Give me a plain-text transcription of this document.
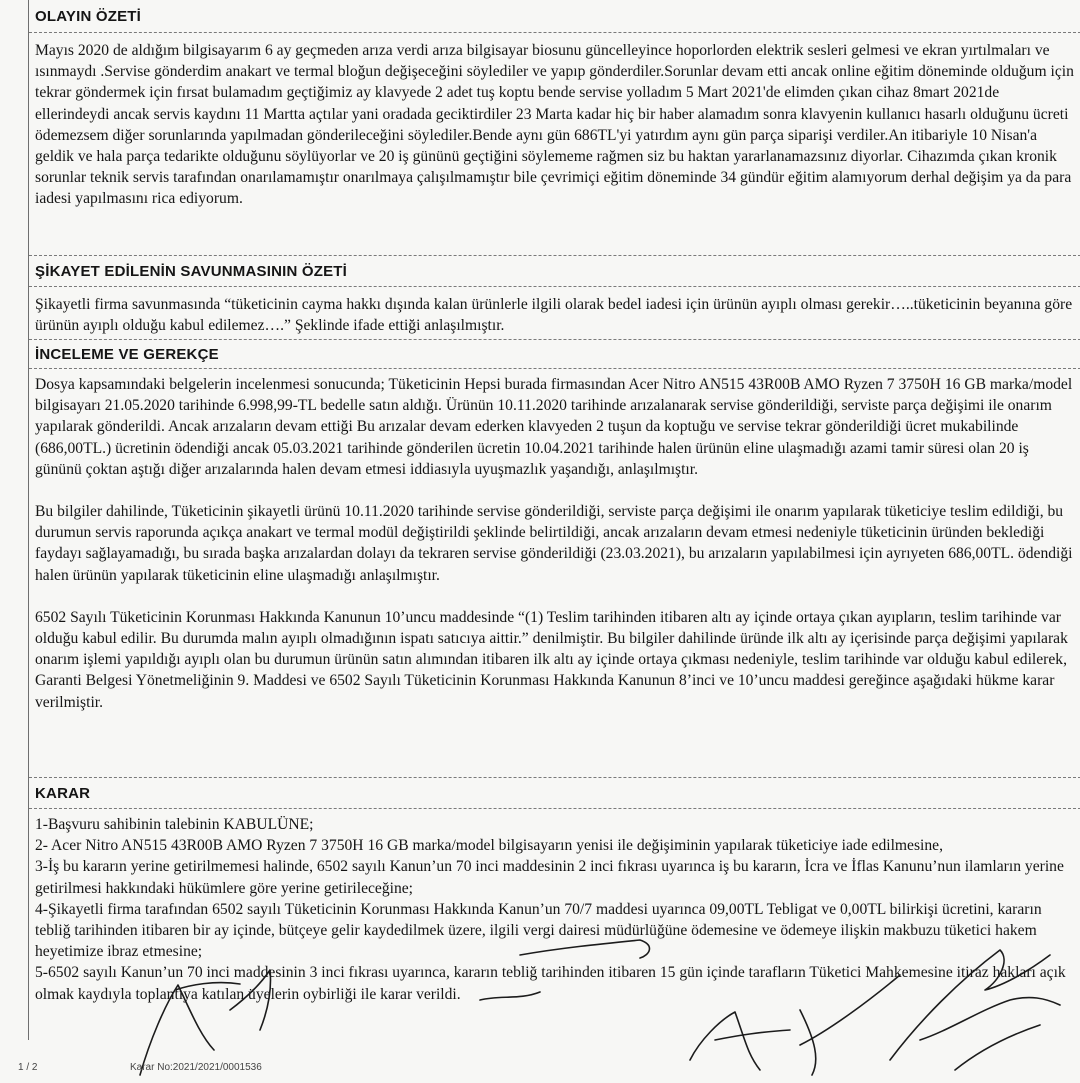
OLAYIN ÖZETİ

Mayıs 2020 de aldığım bilgisayarım 6 ay geçmeden arıza verdi arıza bilgisayar biosunu güncelleyince hoporlorden elektrik sesleri gelmesi ve ekran yırtılmaları ve ısınmaydı .Servise gönderdim anakart ve termal bloğun değişeceğini söylediler ve yapıp gönderdiler.Sorunlar devam etti ancak online eğitim döneminde olduğum için tekrar göndermek için fırsat bulamadım geçtiğimiz ay klavyede 2 adet tuş koptu bende servise yolladım 5 Mart 2021'de elimden çıkan cihaz 8mart 2021de ellerindeydi ancak servis kaydını 11 Martta açtılar yani oradada geciktirdiler 23 Marta kadar hiç bir haber alamadım sonra klavyenin kullanıcı hasarlı olduğunu ücreti ödemezsem diğer sorunlarında yapılmadan gönderileceğini söylediler.Bende aynı gün 686TL'yi yatırdım aynı gün parça siparişi verdiler.An itibariyle 10 Nisan'a geldik ve hala parça tedarikte olduğunu söylüyorlar ve 20 iş gününü geçtiğini söylememe rağmen siz bu haktan yararlanamazsınız diyorlar. Cihazımda çıkan kronik sorunlar teknik servis tarafından onarılamamıştır onarılmaya çalışılmamıştır bile çevrimiçi eğitim döneminde 34 gündür eğitim alamıyorum derhal değişim ya da para iadesi yapılmasını rica ediyorum.

ŞİKAYET EDİLENİN SAVUNMASININ ÖZETİ

Şikayetli firma savunmasında “tüketicinin cayma hakkı dışında kalan ürünlerle ilgili olarak bedel iadesi için ürünün ayıplı olması gerekir…..tüketicinin beyanına göre ürünün ayıplı olduğu kabul edilemez….” Şeklinde ifade ettiği anlaşılmıştır.

İNCELEME VE GEREKÇE

Dosya kapsamındaki belgelerin incelenmesi sonucunda; Tüketicinin Hepsi burada firmasından Acer Nitro AN515 43R00B AMO Ryzen 7 3750H 16 GB marka/model bilgisayarı 21.05.2020 tarihinde 6.998,99-TL bedelle satın aldığı. Ürünün 10.11.2020 tarihinde arızalanarak servise gönderildiği, serviste parça değişimi ile onarım yapılarak gönderildi. Ancak arızaların devam ettiği Bu arızalar devam ederken klavyeden 2 tuşun da koptuğu ve servise tekrar gönderildiği ücret mukabilinde (686,00TL.) ücretinin ödendiği ancak 05.03.2021 tarihinde gönderilen ücretin 10.04.2021 tarihinde halen ürünün eline ulaşmadığı azami tamir süresi olan 20 iş gününü çoktan aştığı diğer arızalarında halen devam etmesi iddiasıyla uyuşmazlık yaşandığı, anlaşılmıştır.

Bu bilgiler dahilinde, Tüketicinin şikayetli ürünü 10.11.2020 tarihinde servise gönderildiği, serviste parça değişimi ile onarım yapılarak tüketiciye teslim edildiği, bu durumun servis raporunda açıkça anakart ve termal modül değiştirildi şeklinde belirtildiği, ancak arızaların devam etmesi nedeniyle tüketicinin üründen beklediği faydayı sağlayamadığı, bu sırada başka arızalardan dolayı da tekraren servise gönderildiği (23.03.2021), bu arızaların yapılabilmesi için ayrıyeten 686,00TL. ödendiği halen ürünün yapılarak tüketicinin eline ulaşmadığı anlaşılmıştır.

6502 Sayılı Tüketicinin Korunması Hakkında Kanunun 10’uncu maddesinde “(1) Teslim tarihinden itibaren altı ay içinde ortaya çıkan ayıpların, teslim tarihinde var olduğu kabul edilir. Bu durumda malın ayıplı olmadığının ispatı satıcıya aittir.” denilmiştir. Bu bilgiler dahilinde üründe ilk altı ay içerisinde parça değişimi yapılarak onarım işlemi yapıldığı ayıplı olan bu durumun ürünün satın alımından itibaren ilk altı ay içinde ortaya çıkması nedeniyle, teslim tarihinde var olduğu kabul edilerek, Garanti Belgesi Yönetmeliğinin 9. Maddesi ve 6502 Sayılı Tüketicinin Korunması Hakkında Kanunun 8’inci ve 10’uncu maddesi gereğince aşağıdaki hükme karar verilmiştir.

KARAR

1-Başvuru sahibinin talebinin KABULÜNE;

2- Acer Nitro AN515 43R00B AMO Ryzen 7 3750H 16 GB marka/model bilgisayarın yenisi ile değişiminin yapılarak tüketiciye iade edilmesine,

3-İş bu kararın yerine getirilmemesi halinde, 6502 sayılı Kanun’un 70 inci maddesinin 2 inci fıkrası uyarınca iş bu kararın, İcra ve İflas Kanunu’nun ilamların yerine getirilmesi hakkındaki hükümlere göre yerine getirileceğine;

4-Şikayetli firma tarafından 6502 sayılı Tüketicinin Korunması Hakkında Kanun’un 70/7 maddesi uyarınca 09,00TL Tebligat ve 0,00TL bilirkişi ücretini, kararın tebliğ tarihinden itibaren bir ay içinde, bütçeye gelir kaydedilmek üzere, ilgili vergi dairesi müdürlüğüne ödemesine ve ödemeye ilişkin makbuzu tüketici hakem heyetimize ibraz etmesine;

5-6502 sayılı Kanun’un 70 inci maddesinin 3 inci fıkrası uyarınca, kararın tebliğ tarihinden itibaren 15 gün içinde tarafların Tüketici Mahkemesine itiraz hakları açık olmak kaydıyla toplantıya katılan üyelerin oybirliği ile karar verildi.

1 / 2	Karar No:2021/2021/0001536
